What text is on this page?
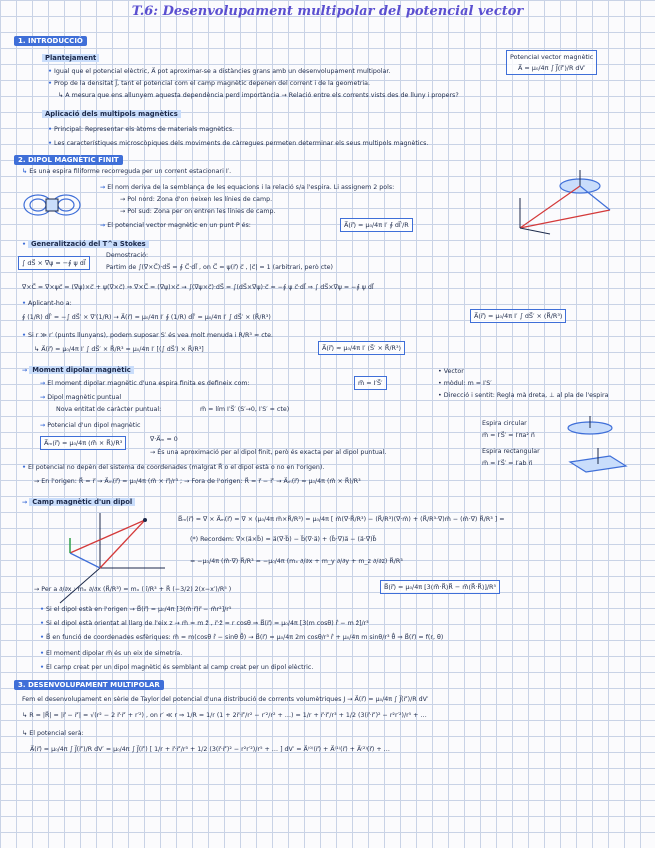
T.6: Desenvolupament multipolar del potencial vector
1. INTRODUCCIÓ
Plantejament
• Igual que el potencial elèctric, A⃗ pot aproximar-se a distàncies grans amb un desenvolupament multipolar.
• Prop de la densitat J⃗, tant el potencial com el camp magnètic depenen del corrent i de la geometria.
↳ A mesura que ens allunyem aquesta dependència perd importància → Relació entre els corrents vists des de lluny i propers?
Potencial vector magnètic
A⃗ = μ₀/4π ∫ J⃗(r⃗′)/R dV′
Aplicació dels multipols magnètics
• Principal: Representar els àtoms de materials magnètics.
• Les característiques microscòpiques dels moviments de càrregues permeten determinar els seus multipols magnètics.
2. DIPOL MAGNÈTIC FINIT
↳ Es una espira filiforme recorreguda per un corrent estacionari I′.
→ El nom deriva de la semblança de les equacions i la relació s/a l'espira. Li assignem 2 pols:
→ Pol nord: Zona d'on neixen les línies de camp.
→ Pol sud: Zona per on entren les línies de camp.
→ El potencial vector magnètic en un punt P és:	A⃗(r⃗) = μ₀/4π I′ ∮ dl⃗′/R
• Generalització del T^a Stokes
∫ dS⃗ × ∇⃗ψ = −∮ ψ dl⃗
Demostració:
Partim de ∫(∇⃗×C⃗)·dS⃗ = ∮ C⃗·dl⃗ , on C⃗ = ψ(r⃗) c⃗ , |c⃗| = 1 (arbitrari, però cte)
∇⃗×C⃗ = ∇⃗×ψc⃗ = (∇⃗ψ)×c⃗ + ψ(∇⃗×c⃗) ⇒ ∇⃗×C⃗ = (∇⃗ψ)×c⃗ ⇝ ∫(∇⃗ψ×c⃗)·dS⃗ = ∫(dS⃗×∇⃗ψ)·c⃗ = −∮ ψ c⃗·dl⃗ ⇒ ∫ dS⃗×∇⃗ψ = −∮ ψ dl⃗
• Aplicant-ho a:
∮ (1/R) dl⃗′ = −∫ dS⃗′ × ∇⃗′(1/R) → A⃗(r⃗) = μ₀/4π I′ ∮ (1/R) dl⃗′ = μ₀/4π I′ ∫ dS⃗′ × (R⃗/R³)	A⃗(r⃗) = μ₀/4π I′ ∫ dS⃗′ × (R⃗/R³)
• Si r ≫ r′ (punts llunyans), podem suposar S′ és vea molt menuda i R/R³ ≈ cte.
↳ A⃗(r⃗) = μ₀/4π I′ ∫ dS⃗′ × R⃗/R³ = μ₀/4π I′ [(∫ dS⃗′) × R⃗/R³]	A⃗(r⃗) ≈ μ₀/4π I′ (S⃗′ × R⃗/R³)
→ Moment dipolar magnètic
→ El moment dipolar magnètic d'una espira finita es defineix com:	m⃗ = I′S⃗′
• Vector
• mòdul: m = I′S′
• Direcció i sentit: Regla mà dreta, ⊥ al pla de l'espira
→ Dipol magnètic puntual
Nova entitat de caràcter puntual:	m⃗ = lím I′S⃗′ (S′→0, I′S′ = cte)
→ Potencial d'un dipol magnètic
A⃗ₘ(r⃗) = μ₀/4π (m⃗ × R⃗)/R³	∇⃗·A⃗ₘ = 0
→ És una aproximació per al dipol finit, però és exacta per al dipol puntual.
• El potencial no depèn del sistema de coordenades (malgrat R⃗ o el dipol està o no en l'origen).
→ En l'origen: R⃗ = r⃗ → A⃗ₘ(r⃗) = μ₀/4π (m⃗ × r⃗)/r³ ; → Fora de l'origen: R⃗ = r⃗ − r⃗′ → A⃗ₘ(r⃗) = μ₀/4π (m⃗ × R⃗)/R³
Espira circular
m⃗ = I′S⃗′ = I′πa² n⃗
Espira rectangular
m⃗ = I′S⃗′ = I′ab n⃗
→ Camp magnètic d'un dipol
B⃗ₘ(r⃗) = ∇⃗ × A⃗ₘ(r⃗) = ∇⃗ × (μ₀/4π m⃗×R⃗/R³) = μ₀/4π [ m⃗(∇⃗·R⃗/R³) − (R⃗/R³)(∇⃗·m⃗) + (R⃗/R³·∇⃗)m⃗ − (m⃗·∇⃗) R⃗/R³ ] =
(*) Recordem: ∇⃗×(a⃗×b⃗) = a⃗(∇⃗·b⃗) − b⃗(∇⃗·a⃗) + (b⃗·∇⃗)a⃗ − (a⃗·∇⃗)b⃗
= −μ₀/4π (m⃗·∇⃗) R⃗/R³ = −μ₀/4π (mₓ ∂/∂x + m_y ∂/∂y + m_z ∂/∂z) R⃗/R³
→ Per a ∂/∂x : mₓ ∂/∂x (R⃗/R³) = mₓ ( î/R³ + R⃗ (−3/2) 2(x−x′)/R⁵ )	B⃗(r⃗) = μ₀/4π [3(m⃗·R⃗)R⃗ − m⃗(R⃗·R⃗)]/R⁵
• Si el dipol està en l'origen → B⃗(r⃗) = μ₀/4π [3(m⃗·r⃗)r⃗ − m⃗r²]/r⁵
• Si el dipol està orientat al llarg de l'eix z → m⃗ = m ẑ , r⃗·ẑ = r cosθ ⇒ B⃗(r⃗) = μ₀/4π [3(m cosθ) r̂ − m ẑ]/r³
• B⃗ en funció de coordenades esfèriques: m⃗ = m(cosθ r̂ − sinθ θ̂) → B⃗(r⃗) = μ₀/4π 2m cosθ/r³ r̂ + μ₀/4π m sinθ/r³ θ̂ ⇒ B⃗(r⃗) = f(r, θ)
• El moment dipolar m⃗ és un eix de simetria.
• El camp creat per un dipol magnètic és semblant al camp creat per un dipol elèctric.
3. DESENVOLUPAMENT MULTIPOLAR
Fem el desenvolupament en sèrie de Taylor del potencial d'una distribució de corrents volumètriques J → A⃗(r⃗) = μ₀/4π ∫ J⃗(r⃗′)/R dV′
↳ R = |R⃗| = |r⃗ − r⃗′| = √(r² − 2 r⃗·r⃗′ + r′²) , on r′ ≪ r ⇒ 1/R = 1/r (1 + 2r⃗·r⃗′/r² − r′²/r² + …) = 1/r + r⃗·r⃗′/r³ + 1/2 (3(r⃗·r⃗′)² − r²r′²)/r⁵ + …
↳ El potencial serà:
A⃗(r⃗) = μ₀/4π ∫ J⃗(r⃗′)/R dV′ = μ₀/4π ∫ J⃗(r⃗′) [ 1/r + r⃗·r⃗′/r³ + 1/2 (3(r⃗·r⃗′)² − r²r′²)/r⁵ + … ] dV′ = A⃗⁽⁰⁾(r⃗) + A⃗⁽¹⁾(r⃗) + A⃗⁽²⁾(r⃗) + …
